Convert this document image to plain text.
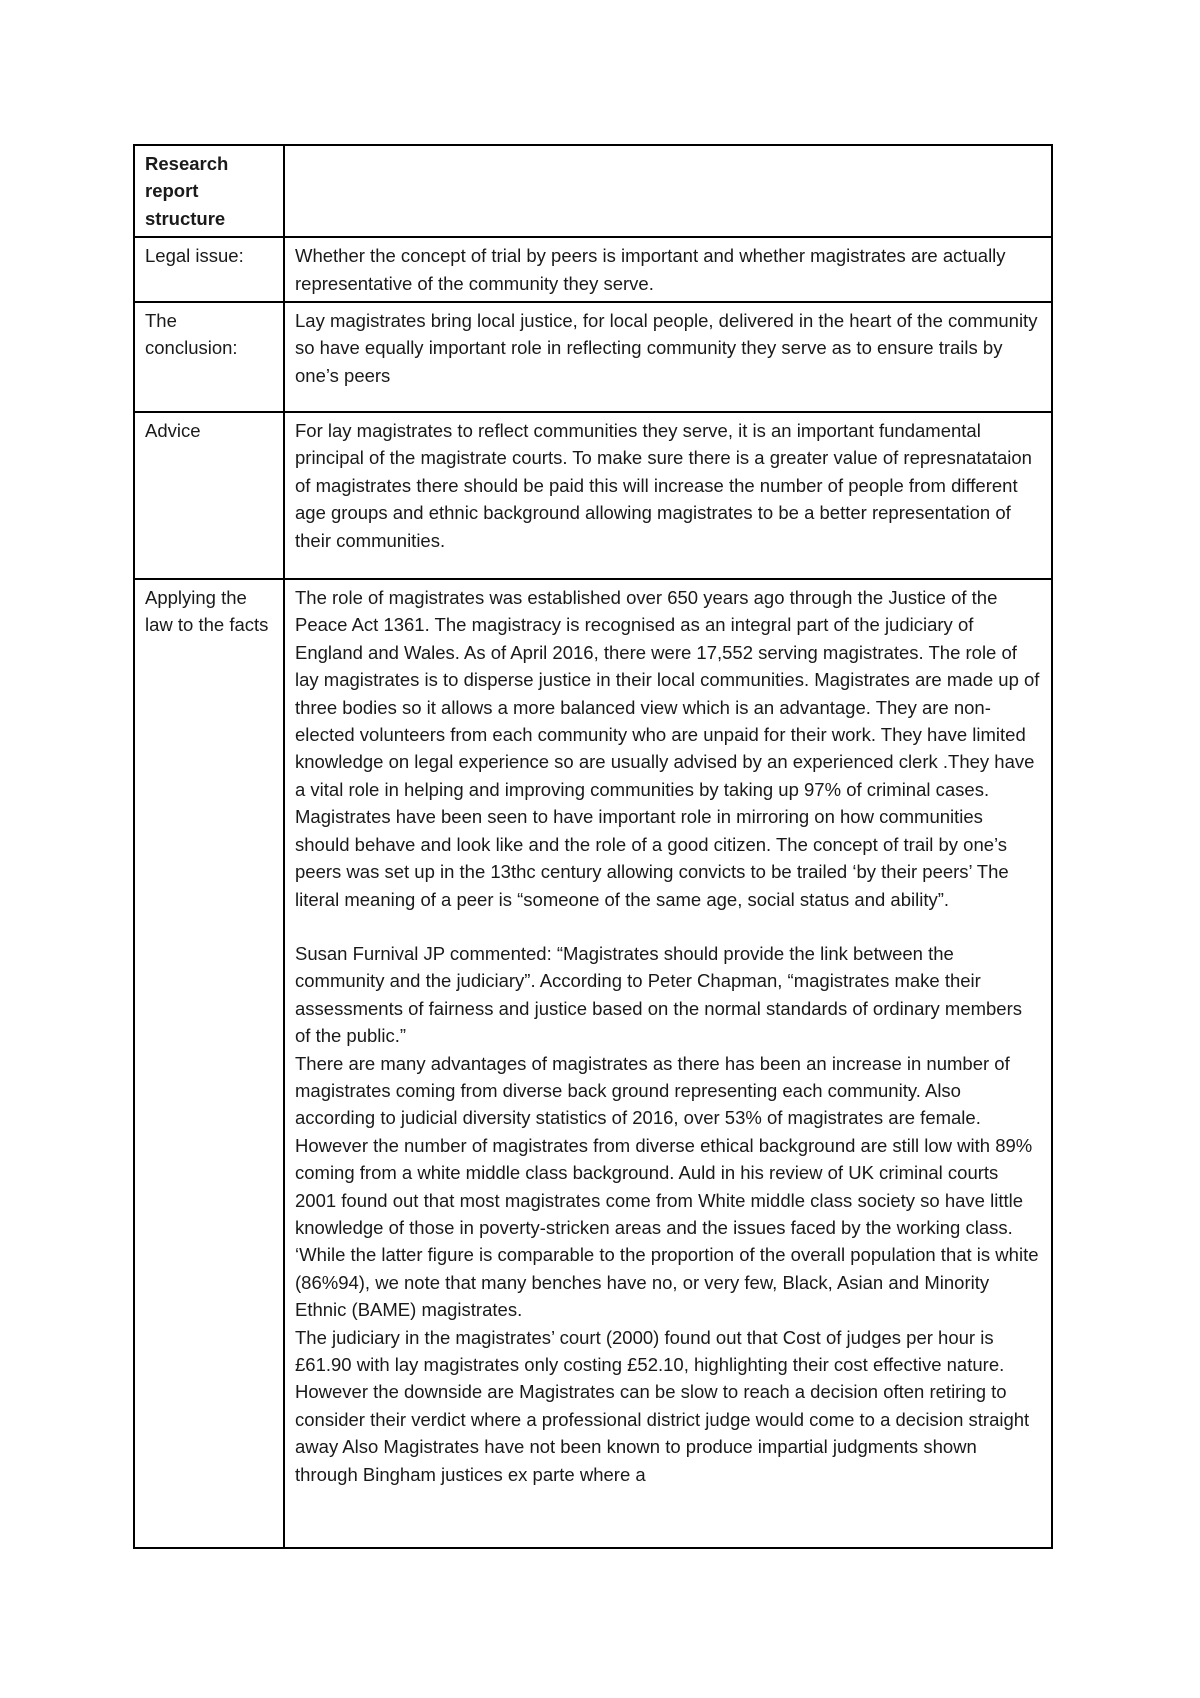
Research
report
structure	

Legal issue:	Whether the concept of trial by peers is important and whether magistrates are actually representative of the community they serve.

The conclusion:	Lay magistrates bring local justice, for local people, delivered in the heart of the community so have equally important role in reflecting community they serve as to ensure trails by one’s peers

Advice	For lay magistrates to reflect communities they serve, it is an important fundamental principal of the magistrate courts. To make sure there is a greater value of represnatataion of magistrates there should be paid this will increase the number of people from different age groups and ethnic background allowing magistrates to be a better representation of their communities.

Applying the law to the facts	The role of magistrates was established over 650 years ago through the Justice of the Peace Act 1361. The magistracy is recognised as an integral part of the judiciary of England and Wales. As of April 2016, there were 17,552 serving magistrates. The role of lay magistrates is to disperse justice in their local communities. Magistrates are made up of three bodies so it allows a more balanced view which is an advantage. They are non-elected volunteers from each community who are unpaid for their work. They have limited knowledge on legal experience so are usually advised by an experienced clerk .They have a vital role in helping and improving communities by taking up 97% of criminal cases. Magistrates have been seen to have important role in mirroring on how communities should behave and look like and the role of a good citizen. The concept of trail by one’s peers was set up in the 13thc century allowing convicts to be trailed ‘by their peers’ The literal meaning of a peer is “someone of the same age, social status and ability”.
Susan Furnival JP commented: “Magistrates should provide the link between the community and the judiciary”. According to Peter Chapman, “magistrates make their assessments of fairness and justice based on the normal standards of ordinary members of the public.”
There are many advantages of magistrates as there has been an increase in number of magistrates coming from diverse back ground representing each community. Also according to judicial diversity statistics of 2016, over 53% of magistrates are female. However the number of magistrates from diverse ethical background are still low with 89% coming from a white middle class background. Auld in his review of UK criminal courts 2001 found out that most magistrates come from White middle class society so have little knowledge of those in poverty-stricken areas and the issues faced by the working class. ‘While the latter figure is comparable to the proportion of the overall population that is white (86%94), we note that many benches have no, or very few, Black, Asian and Minority Ethnic (BAME) magistrates.
The judiciary in the magistrates’ court (2000) found out that Cost of judges per hour is £61.90 with lay magistrates only costing £52.10, highlighting their cost effective nature. However the downside are Magistrates can be slow to reach a decision often retiring to consider their verdict where a professional district judge would come to a decision straight away Also Magistrates have not been known to produce impartial judgments shown through Bingham justices ex parte where a
